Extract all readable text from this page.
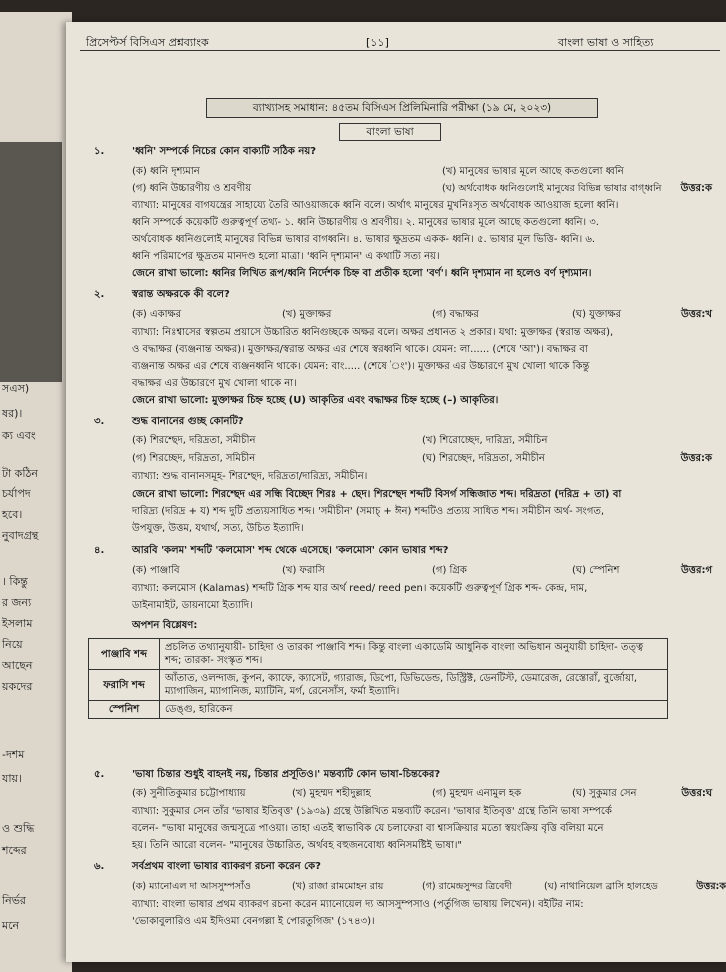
সএস)
ষর)।
ক্য এবং
টা কঠিন
চর্যাপদ
হবে।
নুবাদগ্রন্থ
। কিন্তু
র জন্য
ইসলাম
নিয়ে
আছেন
য়কদের
-দশম
যায়।
ও শুদ্ধি
শব্দের
নির্ভর
মনে
প্রিসেপ্টর্স বিসিএস প্রশ্নব্যাংক	[১১]	বাংলা ভাষা ও সাহিত্য
ব্যাখ্যাসহ সমাধান: ৪৫তম বিসিএস প্রিলিমিনারি পরীক্ষা (১৯ মে, ২০২৩)
বাংলা ভাষা
১.	'ধ্বনি' সম্পর্কে নিচের কোন বাক্যটি সঠিক নয়?
(ক) ধ্বনি দৃশ্যমান	(খ) মানুষের ভাষার মূলে আছে কতগুলো ধ্বনি
(গ) ধ্বনি উচ্চারণীয় ও শ্রবণীয়	(ঘ) অর্থবোধক ধ্বনিগুলোই মানুষের বিভিন্ন ভাষার বাগ্‌ধ্বনি উত্তর:ক
ব্যাখ্যা: মানুষের বাগযন্ত্রের সাহায্যে তৈরি আওয়াজকে ধ্বনি বলে। অর্থাৎ মানুষের মুখনিঃসৃত অর্থবোধক আওয়াজ হলো ধ্বনি।
ধ্বনি সম্পর্কে কয়েকটি গুরুত্বপূর্ণ তথ্য- ১. ধ্বনি উচ্চারণীয় ও শ্রবণীয়। ২. মানুষের ভাষার মূলে আছে কতগুলো ধ্বনি। ৩.
অর্থবোধক ধ্বনিগুলোই মানুষের বিভিন্ন ভাষার বাগধ্বনি। ৪. ভাষার ক্ষুদ্রতম একক- ধ্বনি। ৫. ভাষার মূল ভিত্তি- ধ্বনি। ৬.
ধ্বনি পরিমাপের ক্ষুদ্রতম মানদণ্ড হলো মাত্রা। 'ধ্বনি দৃশ্যমান' এ কথাটি সত্য নয়।
জেনে রাখা ভালো: ধ্বনির লিখিত রূপ/ধ্বনি নির্দেশক চিহ্ন বা প্রতীক হলো 'বর্ণ'। ধ্বনি দৃশ্যমান না হলেও বর্ণ দৃশ্যমান।
২.	স্বরান্ত অক্ষরকে কী বলে?
(ক) একাক্ষর	(খ) মুক্তাক্ষর	(গ) বদ্ধাক্ষর	(ঘ) যুক্তাক্ষর	উত্তর:খ
ব্যাখ্যা: নিঃশ্বাসের স্বল্পতম প্রয়াসে উচ্চারিত ধ্বনিগুচ্ছকে অক্ষর বলে। অক্ষর প্রধানত ২ প্রকার। যথা: মুক্তাক্ষর (স্বরান্ত অক্ষর),
ও বদ্ধাক্ষর (ব্যঞ্জনান্ত অক্ষর)। মুক্তাক্ষর/স্বরান্ত অক্ষর এর শেষে স্বরধ্বনি থাকে। যেমন: লা...... (শেষে 'আ')। বদ্ধাক্ষর বা
ব্যঞ্জনান্ত অক্ষর এর শেষে ব্যঞ্জনধ্বনি থাকে। যেমন: বাং..... (শেষে 'ং')। মুক্তাক্ষর এর উচ্চারণে মুখ খোলা থাকে কিন্তু
বদ্ধাক্ষর এর উচ্চারণে মুখ খোলা থাকে না।
জেনে রাখা ভালো: মুক্তাক্ষর চিহ্ন হচ্ছে (U) আকৃতির এবং বদ্ধাক্ষর চিহ্ন হচ্ছে (–) আকৃতির।
৩.	শুদ্ধ বানানের গুচ্ছ কোনটি?
(ক) শিরশ্ছেদ, দরিদ্রতা, সমীচীন	(খ) শিরোচ্ছেদ, দারিদ্র্য, সমীচিন
(গ) শিরচ্ছেদ, দরিদ্রতা, সমিচীন	(ঘ) শিরচ্ছেদ, দরিদ্রতা, সমীচীন	উত্তর:ক
ব্যাখ্যা: শুদ্ধ বানানসমূহ- শিরশ্ছেদ, দরিদ্রতা/দারিদ্র্য, সমীচীন।
জেনে রাখা ভালো: শিরশ্ছেদ এর সন্ধি বিচ্ছেদ শিরঃ + ছেদ। শিরশ্ছেদ শব্দটি বিসর্গ সন্ধিজাত শব্দ। দরিদ্রতা (দরিদ্র + তা) বা
দারিদ্র্য (দরিদ্র + য) শব্দ দুটি প্রত্যয়সাধিত শব্দ। 'সমীচীন' (সমাচ্ + ঈন) শব্দটিও প্রত্যয় সাধিত শব্দ। সমীচীন অর্থ- সংগত,
উপযুক্ত, উত্তম, যথার্থ, সত্য, উচিত ইত্যাদি।
৪.	আরবি 'কলম' শব্দটি 'কলমোস' শব্দ থেকে এসেছে। 'কলমোস' কোন ভাষার শব্দ?
(ক) পাঞ্জাবি	(খ) ফরাসি	(গ) গ্রিক	(ঘ) স্পেনিশ	উত্তর:গ
ব্যাখ্যা: কলমোস (Kalamas) শব্দটি গ্রিক শব্দ যার অর্থ reed/ reed pen। কয়েকটি গুরুত্বপূর্ণ গ্রিক শব্দ- কেন্দ্র, দাম,
ডাইনামাইট, ডায়নামো ইত্যাদি।
অপশন বিশ্লেষণ:
পাঞ্জাবি শব্দ	প্রচলিত তথ্যানুযায়ী- চাহিদা ও তারকা পাঞ্জাবি শব্দ। কিন্তু বাংলা একাডেমি আধুনিক বাংলা অভিধান অনুযায়ী চাহিদা- তত্ত্ব শব্দ; তারকা- সংস্কৃত শব্দ।
ফরাসি শব্দ	আঁতাত, ওলন্দাজ, কুপন, ক্যাফে, ক্যাসেট, গ্যারাজ, ডিপো, ডিভিডেন্ড, ডিস্ট্রিক্ট, ডেনটিস্ট, ডেমারেজ, রেস্তোরাঁ, বুর্জোয়া, ম্যাগাজিন, ম্যাগানিজ, ম্যাটিনি, মর্গ, রেনেসাঁস, ফর্মা ইত্যাদি।
স্পেনিশ	ডেঙ্গু, হারিকেন
৫.	'ভাষা চিন্তার শুধুই বাহনই নয়, চিন্তার প্রসূতিও।' মন্তব্যটি কোন ভাষা-চিন্তকের?
(ক) সুনীতিকুমার চট্টোপাধ্যায়	(খ) মুহম্মদ শহীদুল্লাহ	(গ) মুহম্মদ এনামুল হক	(ঘ) সুকুমার সেন	উত্তর:ঘ
ব্যাখ্যা: সুকুমার সেন তাঁর 'ভাষার ইতিবৃত্ত' (১৯৩৯) গ্রন্থে উল্লিখিত মন্তব্যটি করেন। 'ভাষার ইতিবৃত্ত' গ্রন্থে তিনি ভাষা সম্পর্কে
বলেন- "ভাষা মানুষের জন্মসূত্রে পাওয়া। তাহা এতই স্বাভাবিক যে চলাফেরা বা শ্বাসক্রিয়ার মতো স্বয়ংক্রিয় বৃত্তি বলিয়া মনে
হয়। তিনি আরো বলেন- "মানুষের উচ্চারিত, অর্থবহ বহুজনবোধ্য ধ্বনিসমষ্টিই ভাষা।"
৬.	সর্বপ্রথম বাংলা ভাষার ব্যাকরণ রচনা করেন কে?
(ক) ম্যানোএল দা আসসুম্পসাঁও	(খ) রাজা রামমোহন রায়	(গ) রামেন্দ্রসুন্দর ত্রিবেদী	(ঘ) নাথানিয়েল ব্রাসি হালহেড	উত্তর:ক
ব্যাখ্যা: বাংলা ভাষার প্রথম ব্যাকরণ রচনা করেন ম্যানোয়েল দ্য আসসুম্পসাও (পর্তুগিজ ভাষায় লিখেন)। বইটির নাম:
'ভোকাবুলারিও এম ইদিওমা বেনগল্লা ই পোরতুগিজ' (১৭৪৩)।
